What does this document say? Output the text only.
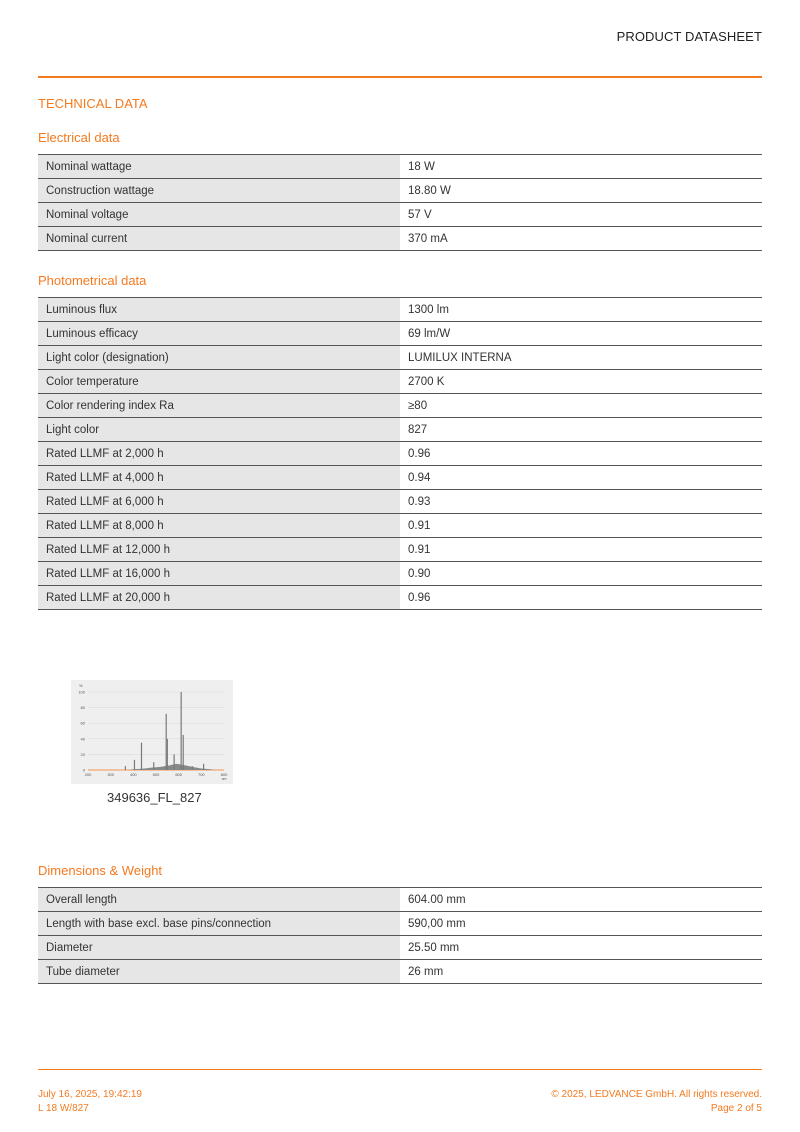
PRODUCT DATASHEET
TECHNICAL DATA
Electrical data
Nominal wattage	18 W
Construction wattage	18.80 W
Nominal voltage	57 V
Nominal current	370 mA
Photometrical data
Luminous flux	1300 lm
Luminous efficacy	69 lm/W
Light color (designation)	LUMILUX INTERNA
Color temperature	2700 K
Color rendering index Ra	≥80
Light color	827
Rated LLMF at 2,000 h	0.96
Rated LLMF at 4,000 h	0.94
Rated LLMF at 6,000 h	0.93
Rated LLMF at 8,000 h	0.91
Rated LLMF at 12,000 h	0.91
Rated LLMF at 16,000 h	0.90
Rated LLMF at 20,000 h	0.96
100
80
60
40
20
0
%
200	300	400	500	600	700	800
nm
349636_FL_827
Dimensions & Weight
Overall length	604.00 mm
Length with base excl. base pins/connection	590,00 mm
Diameter	25.50 mm
Tube diameter	26 mm
July 16, 2025, 19:42:19
L 18 W/827
© 2025, LEDVANCE GmbH. All rights reserved.
Page 2 of 5
